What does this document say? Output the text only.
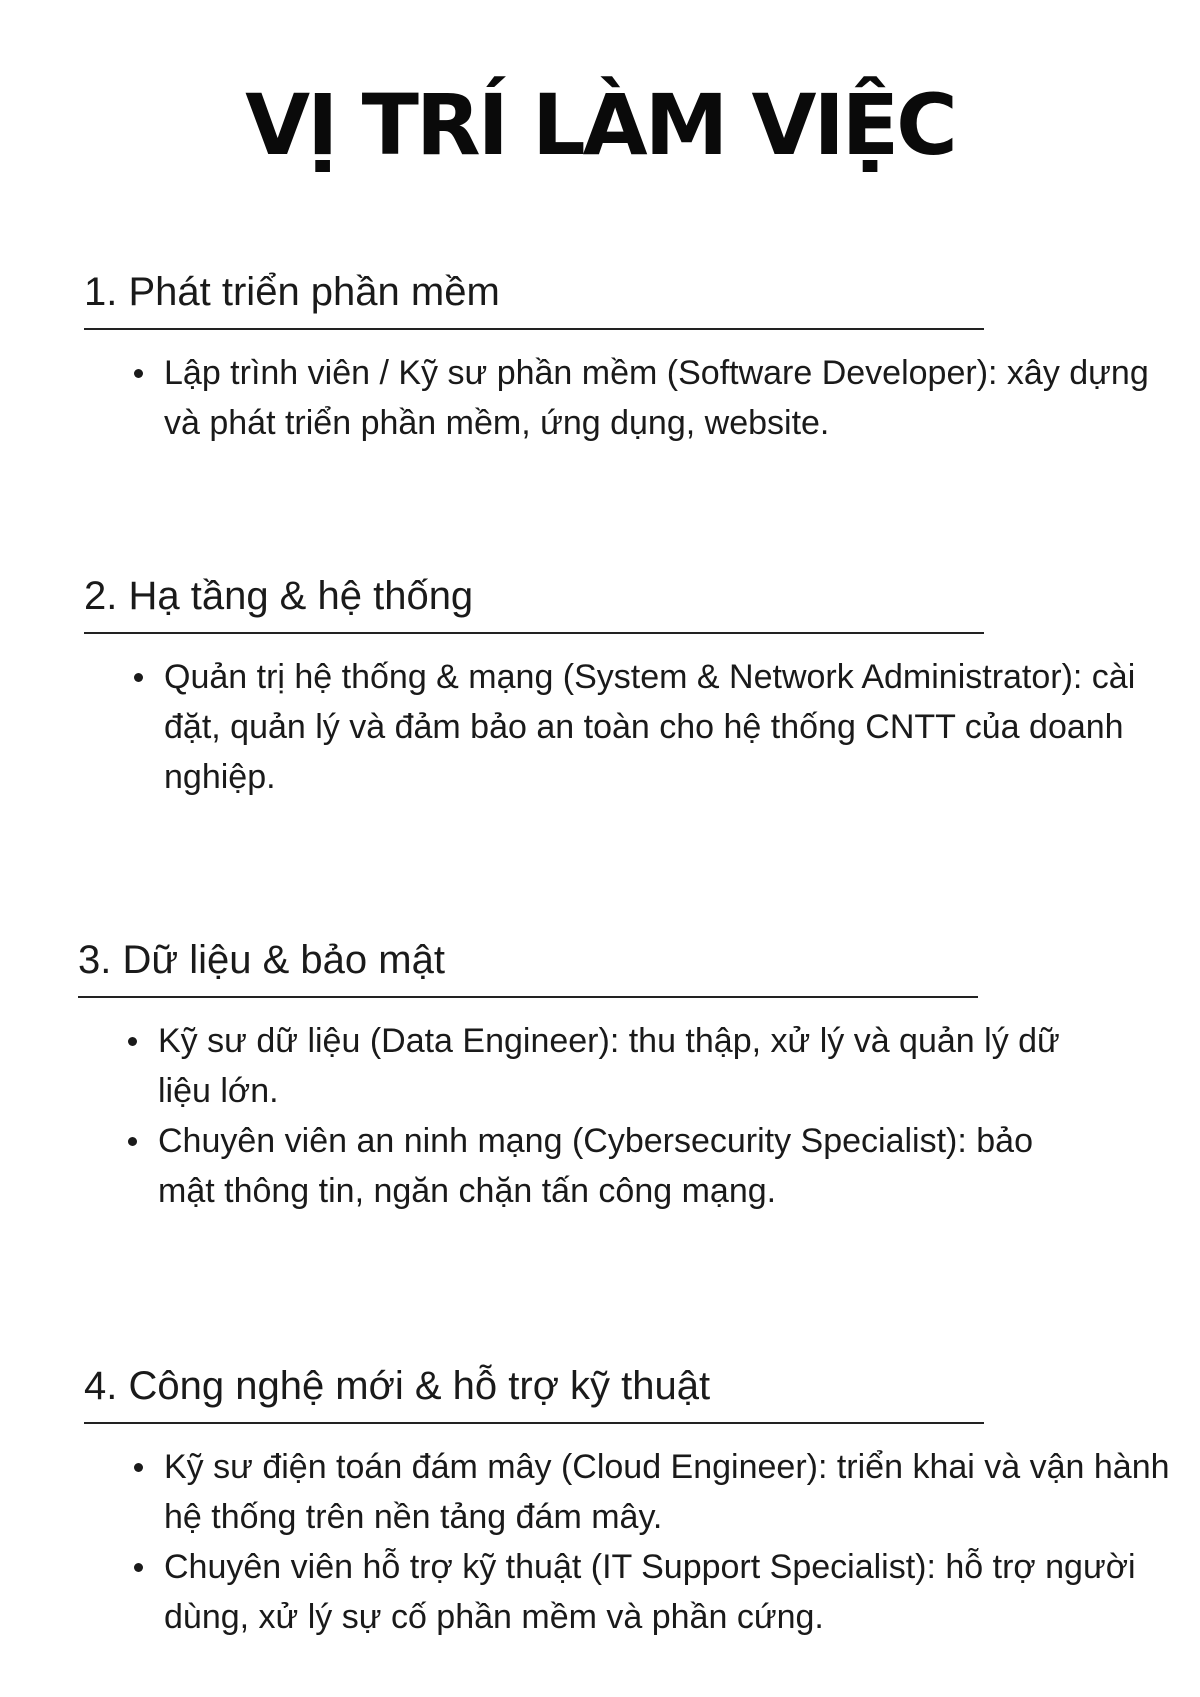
VỊ TRÍ LÀM VIỆC
1. Phát triển phần mềm
Lập trình viên / Kỹ sư phần mềm (Software Developer): xây dựng và phát triển phần mềm, ứng dụng, website.
2. Hạ tầng & hệ thống
Quản trị hệ thống & mạng (System & Network Administrator): cài đặt, quản lý và đảm bảo an toàn cho hệ thống CNTT của doanh nghiệp.
3. Dữ liệu & bảo mật
Kỹ sư dữ liệu (Data Engineer): thu thập, xử lý và quản lý dữ liệu lớn.
Chuyên viên an ninh mạng (Cybersecurity Specialist): bảo mật thông tin, ngăn chặn tấn công mạng.
4. Công nghệ mới & hỗ trợ kỹ thuật
Kỹ sư điện toán đám mây (Cloud Engineer): triển khai và vận hành hệ thống trên nền tảng đám mây.
Chuyên viên hỗ trợ kỹ thuật (IT Support Specialist): hỗ trợ người dùng, xử lý sự cố phần mềm và phần cứng.
